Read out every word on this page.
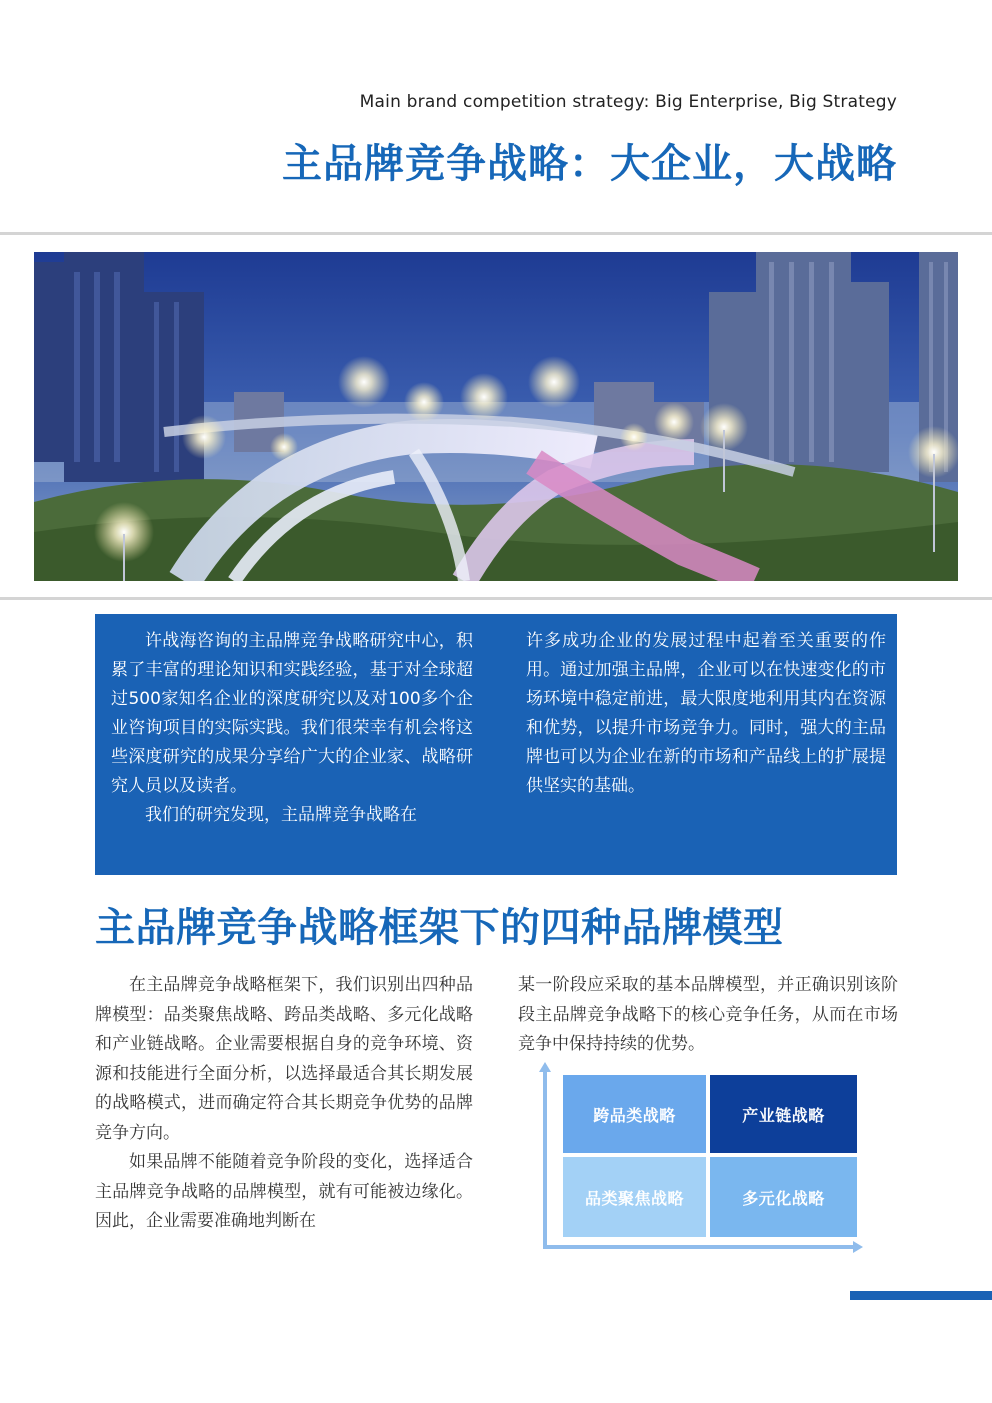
Main brand competition strategy: Big Enterprise, Big Strategy
主品牌竞争战略：大企业，大战略

许战海咨询的主品牌竞争战略研究中心，积累了丰富的理论知识和实践经验，基于对全球超过500家知名企业的深度研究以及对100多个企业咨询项目的实际实践。我们很荣幸有机会将这些深度研究的成果分享给广大的企业家、战略研究人员以及读者。

我们的研究发现，主品牌竞争战略在

许多成功企业的发展过程中起着至关重要的作用。通过加强主品牌，企业可以在快速变化的市场环境中稳定前进，最大限度地利用其内在资源和优势，以提升市场竞争力。同时，强大的主品牌也可以为企业在新的市场和产品线上的扩展提供坚实的基础。

主品牌竞争战略框架下的四种品牌模型

在主品牌竞争战略框架下，我们识别出四种品牌模型：品类聚焦战略、跨品类战略、多元化战略和产业链战略。企业需要根据自身的竞争环境、资源和技能进行全面分析，以选择最适合其长期发展的战略模式，进而确定符合其长期竞争优势的品牌竞争方向。

如果品牌不能随着竞争阶段的变化，选择适合主品牌竞争战略的品牌模型，就有可能被边缘化。因此，企业需要准确地判断在

某一阶段应采取的基本品牌模型，并正确识别该阶段主品牌竞争战略下的核心竞争任务，从而在市场竞争中保持持续的优势。

跨品类战略	产业链战略
品类聚焦战略	多元化战略
